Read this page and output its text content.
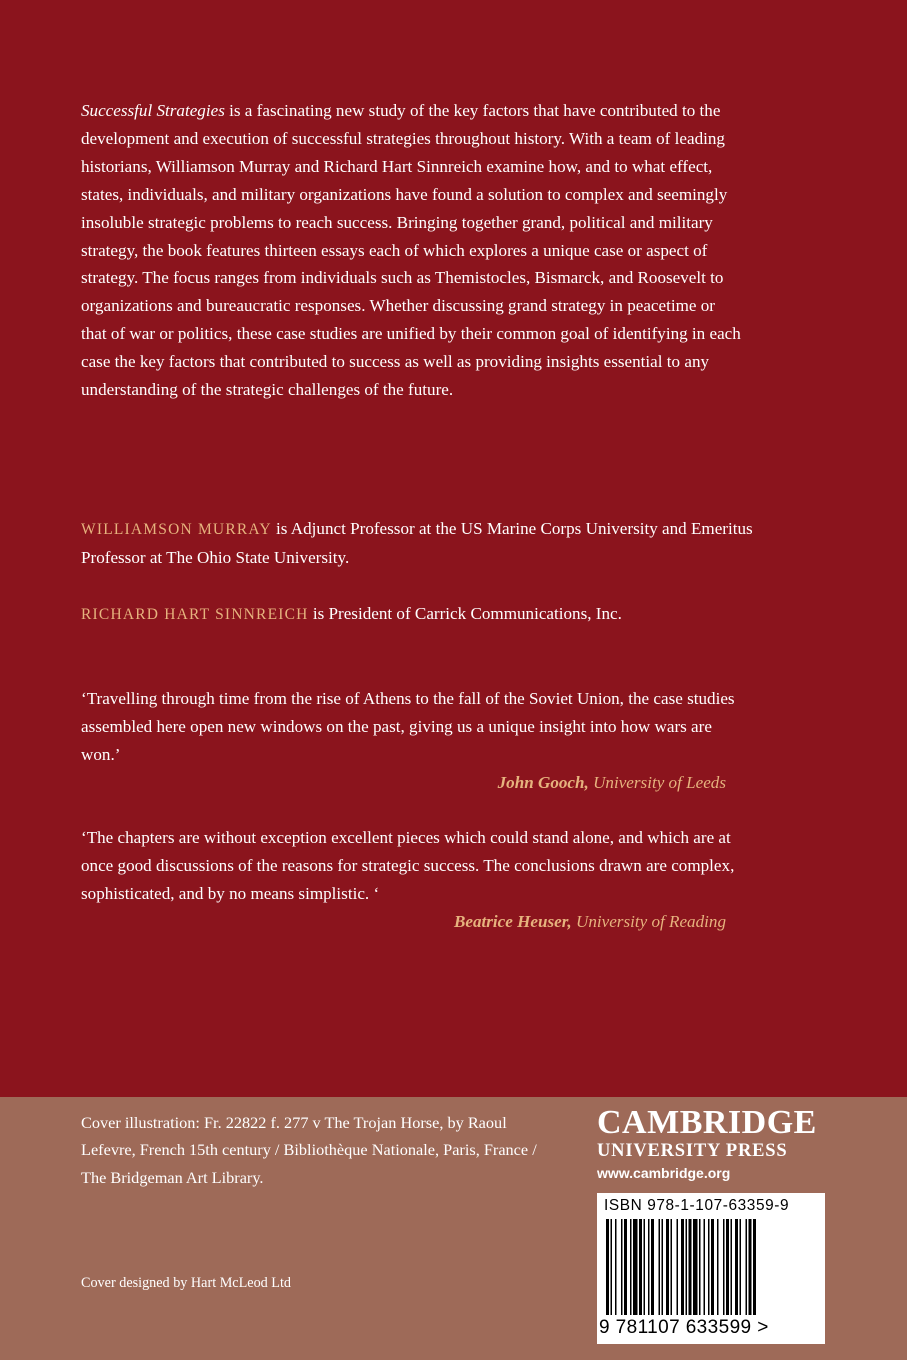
Successful Strategies is a fascinating new study of the key factors that have contributed to the development and execution of successful strategies throughout history. With a team of leading historians, Williamson Murray and Richard Hart Sinnreich examine how, and to what effect, states, individuals, and military organizations have found a solution to complex and seemingly insoluble strategic problems to reach success. Bringing together grand, political and military strategy, the book features thirteen essays each of which explores a unique case or aspect of strategy. The focus ranges from individuals such as Themistocles, Bismarck, and Roosevelt to organizations and bureaucratic responses. Whether discussing grand strategy in peacetime or that of war or politics, these case studies are unified by their common goal of identifying in each case the key factors that contributed to success as well as providing insights essential to any understanding of the strategic challenges of the future.

WILLIAMSON MURRAY is Adjunct Professor at the US Marine Corps University and Emeritus Professor at The Ohio State University.

RICHARD HART SINNREICH is President of Carrick Communications, Inc.

‘Travelling through time from the rise of Athens to the fall of the Soviet Union, the case studies assembled here open new windows on the past, giving us a unique insight into how wars are won.’
John Gooch, University of Leeds
‘The chapters are without exception excellent pieces which could stand alone, and which are at once good discussions of the reasons for strategic success. The conclusions drawn are complex, sophisticated, and by no means simplistic. ‘
Beatrice Heuser, University of Reading
Cover illustration: Fr. 22822 f. 277 v The Trojan Horse, by Raoul Lefevre, French 15th century / Bibliothèque Nationale, Paris, France / The Bridgeman Art Library.
Cover designed by Hart McLeod Ltd
CAMBRIDGE
UNIVERSITY PRESS
www.cambridge.org
ISBN 978-1-107-63359-9
9 781107 633599 >
